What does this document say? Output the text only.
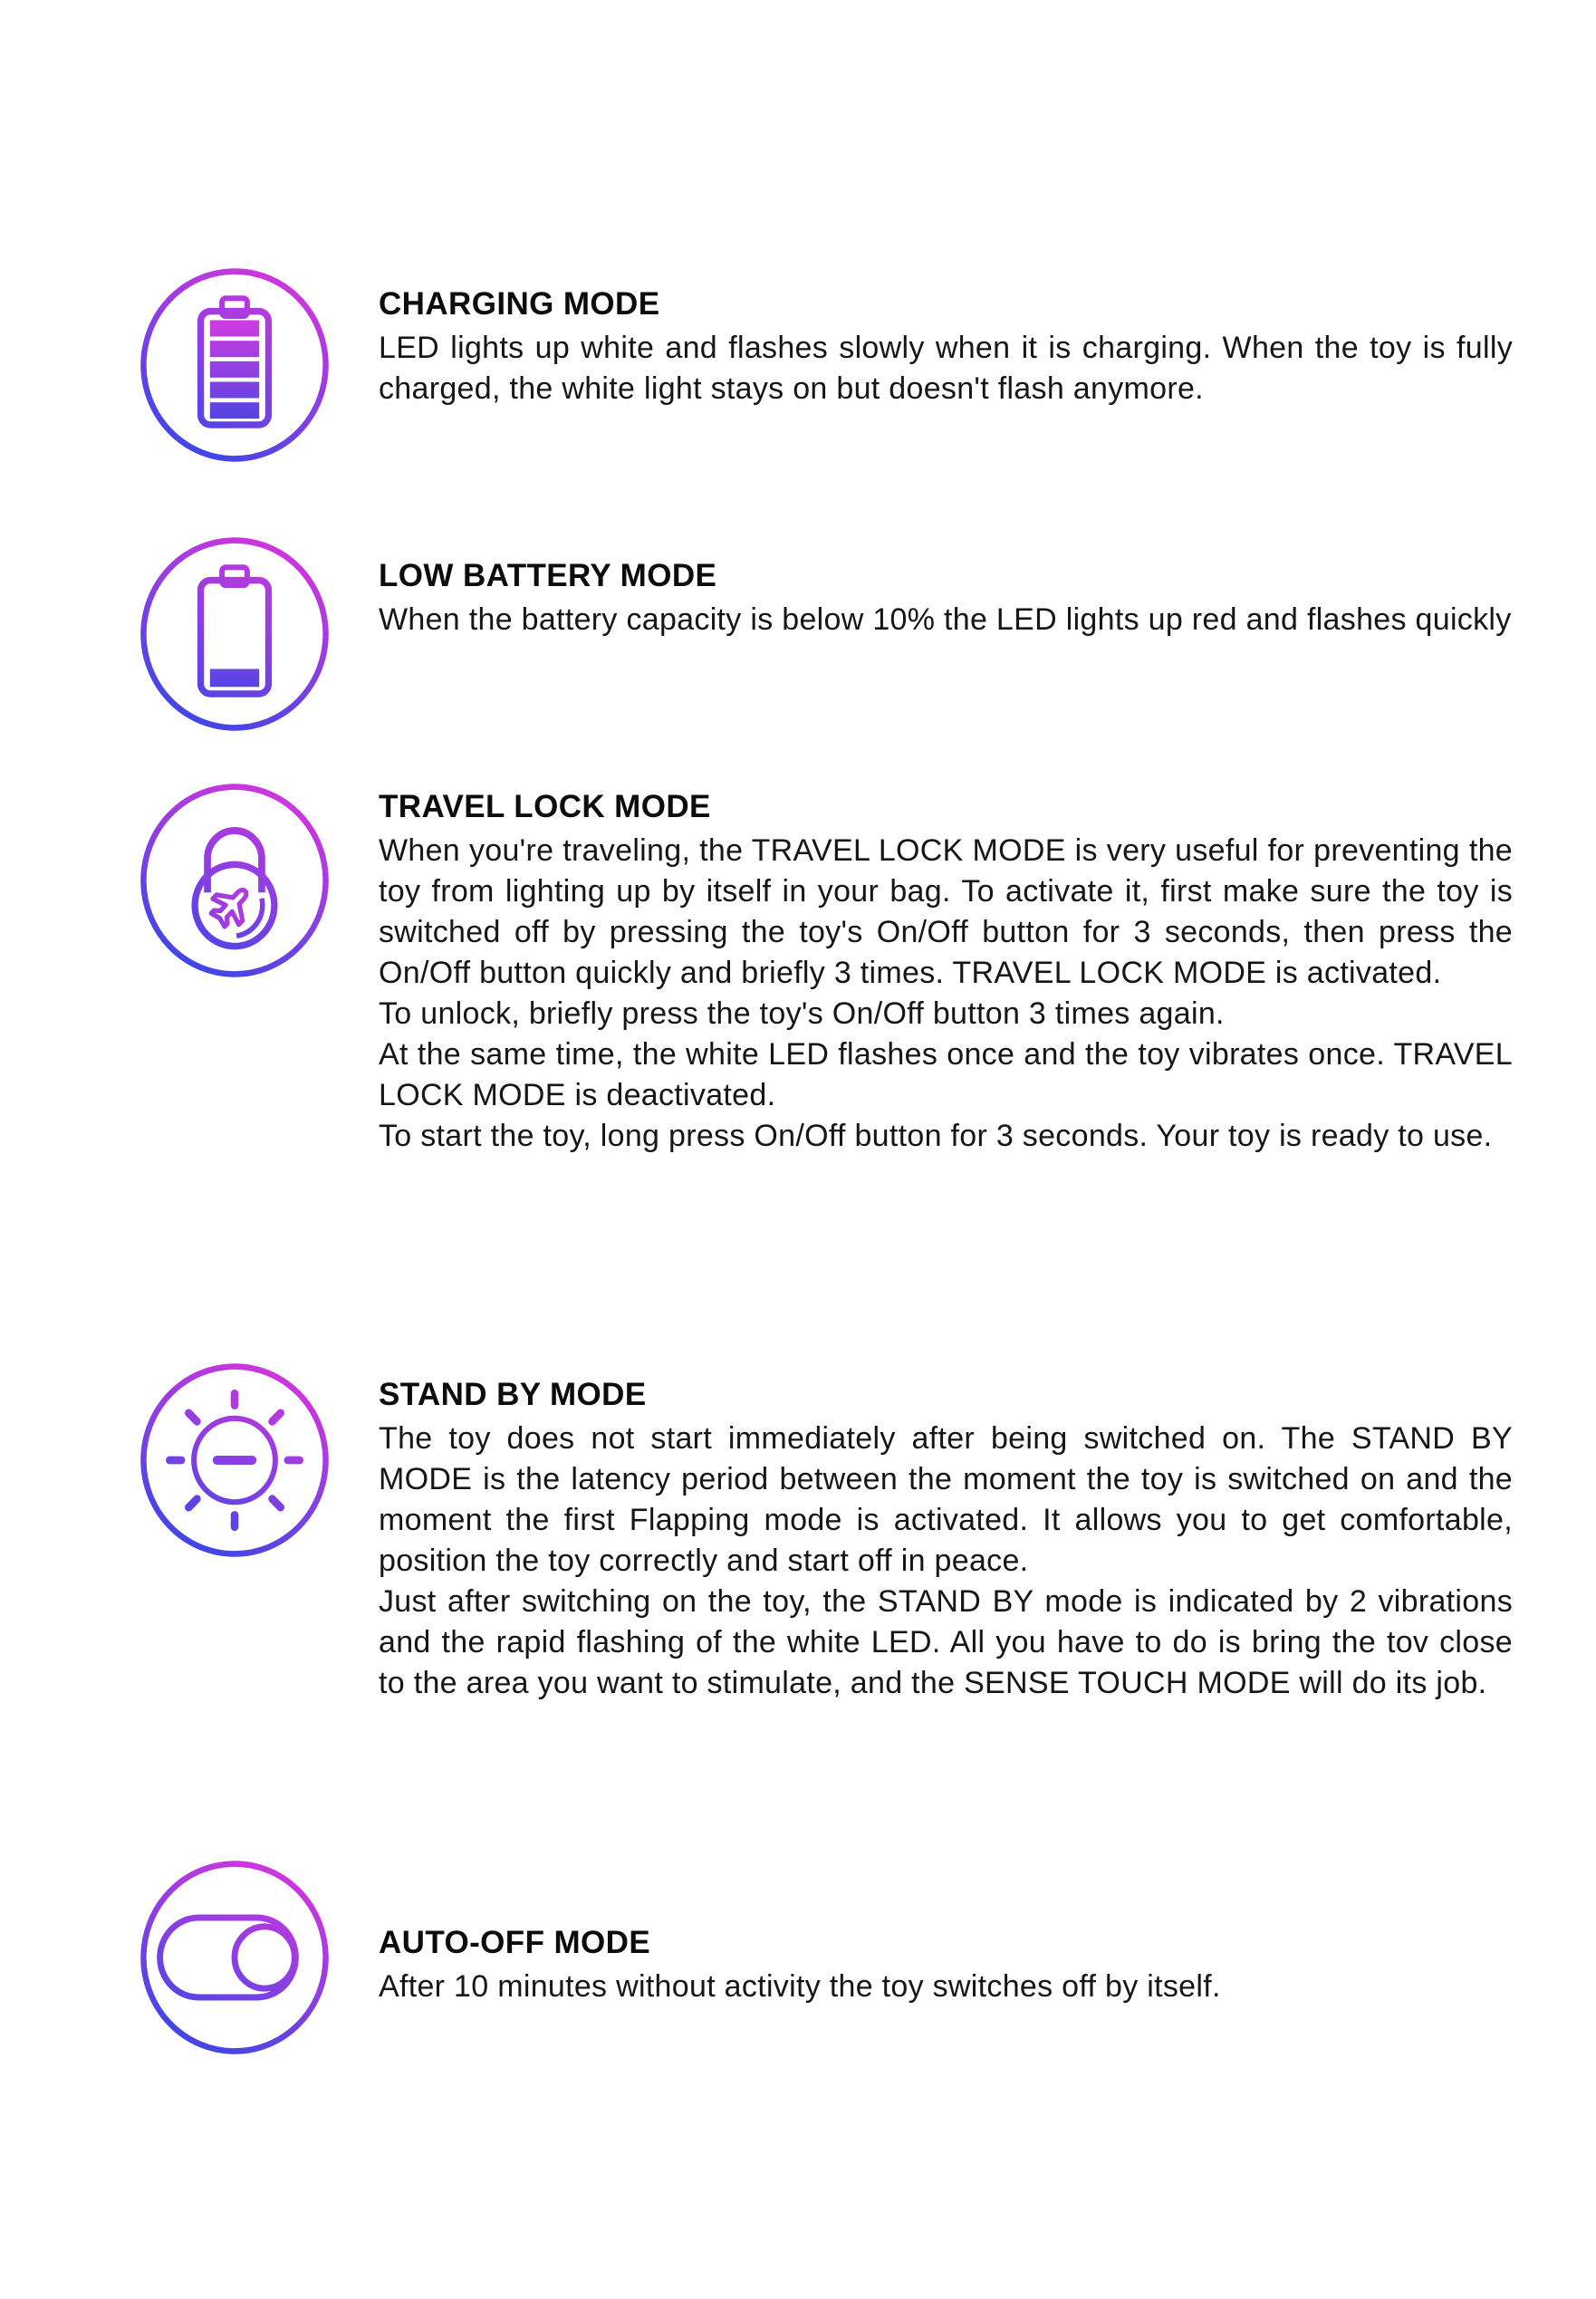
CHARGING MODE

LED lights up white and flashes slowly when it is charging. When the toy is fully charged, the white light stays on but doesn't flash anymore.

LOW BATTERY MODE

When the battery capacity is below 10% the LED lights up red and flashes quickly

TRAVEL LOCK MODE

When you're traveling, the TRAVEL LOCK MODE is very useful for preventing the toy from lighting up by itself in your bag. To activate it, first make sure the toy is switched off by pressing the toy's On/Off button for 3 seconds, then press the On/Off button quickly and briefly 3 times. TRAVEL LOCK MODE is activated.

To unlock, briefly press the toy's On/Off button 3 times again.

At the same time, the white LED flashes once and the toy vibrates once. TRAVEL LOCK MODE is deactivated.

To start the toy, long press On/Off button for 3 seconds. Your toy is ready to use.

STAND BY MODE

The toy does not start immediately after being switched on. The STAND BY MODE is the latency period between the moment the toy is switched on and the moment the first Flapping mode is activated. It allows you to get comfortable, position the toy correctly and start off in peace.

Just after switching on the toy, the STAND BY mode is indicated by 2 vibrations and the rapid flashing of the white LED. All you have to do is bring the tov close to the area you want to stimulate, and the SENSE TOUCH MODE will do its job.

AUTO-OFF MODE

After 10 minutes without activity the toy switches off by itself.
